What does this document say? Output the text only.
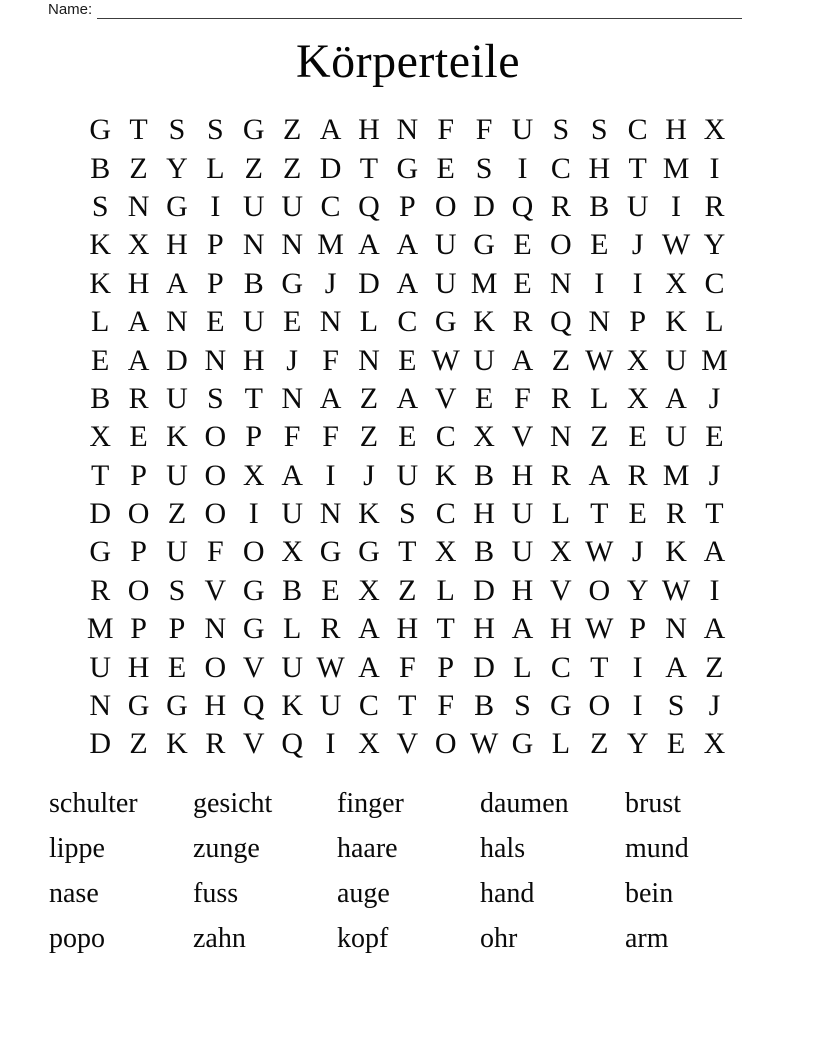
Name:
Körperteile
G T S S G Z A H N F F U S S C H X
B Z Y L Z Z D T G E S I C H T M I
S N G I U U C Q P O D Q R B U I R
K X H P N N M A A U G E O E J W Y
K H A P B G J D A U M E N I I X C
L A N E U E N L C G K R Q N P K L
E A D N H J F N E W U A Z W X U M
B R U S T N A Z A V E F R L X A J
X E K O P F F Z E C X V N Z E U E
T P U O X A I J U K B H R A R M J
D O Z O I U N K S C H U L T E R T
G P U F O X G G T X B U X W J K A
R O S V G B E X Z L D H V O Y W I
M P P N G L R A H T H A H W P N A
U H E O V U W A F P D L C T I A Z
N G G H Q K U C T F B S G O I S J
D Z K R V Q I X V O W G L Z Y E X
schulter	gesicht	finger	daumen	brust
lippe	zunge	haare	hals	mund
nase	fuss	auge	hand	bein
popo	zahn	kopf	ohr	arm
